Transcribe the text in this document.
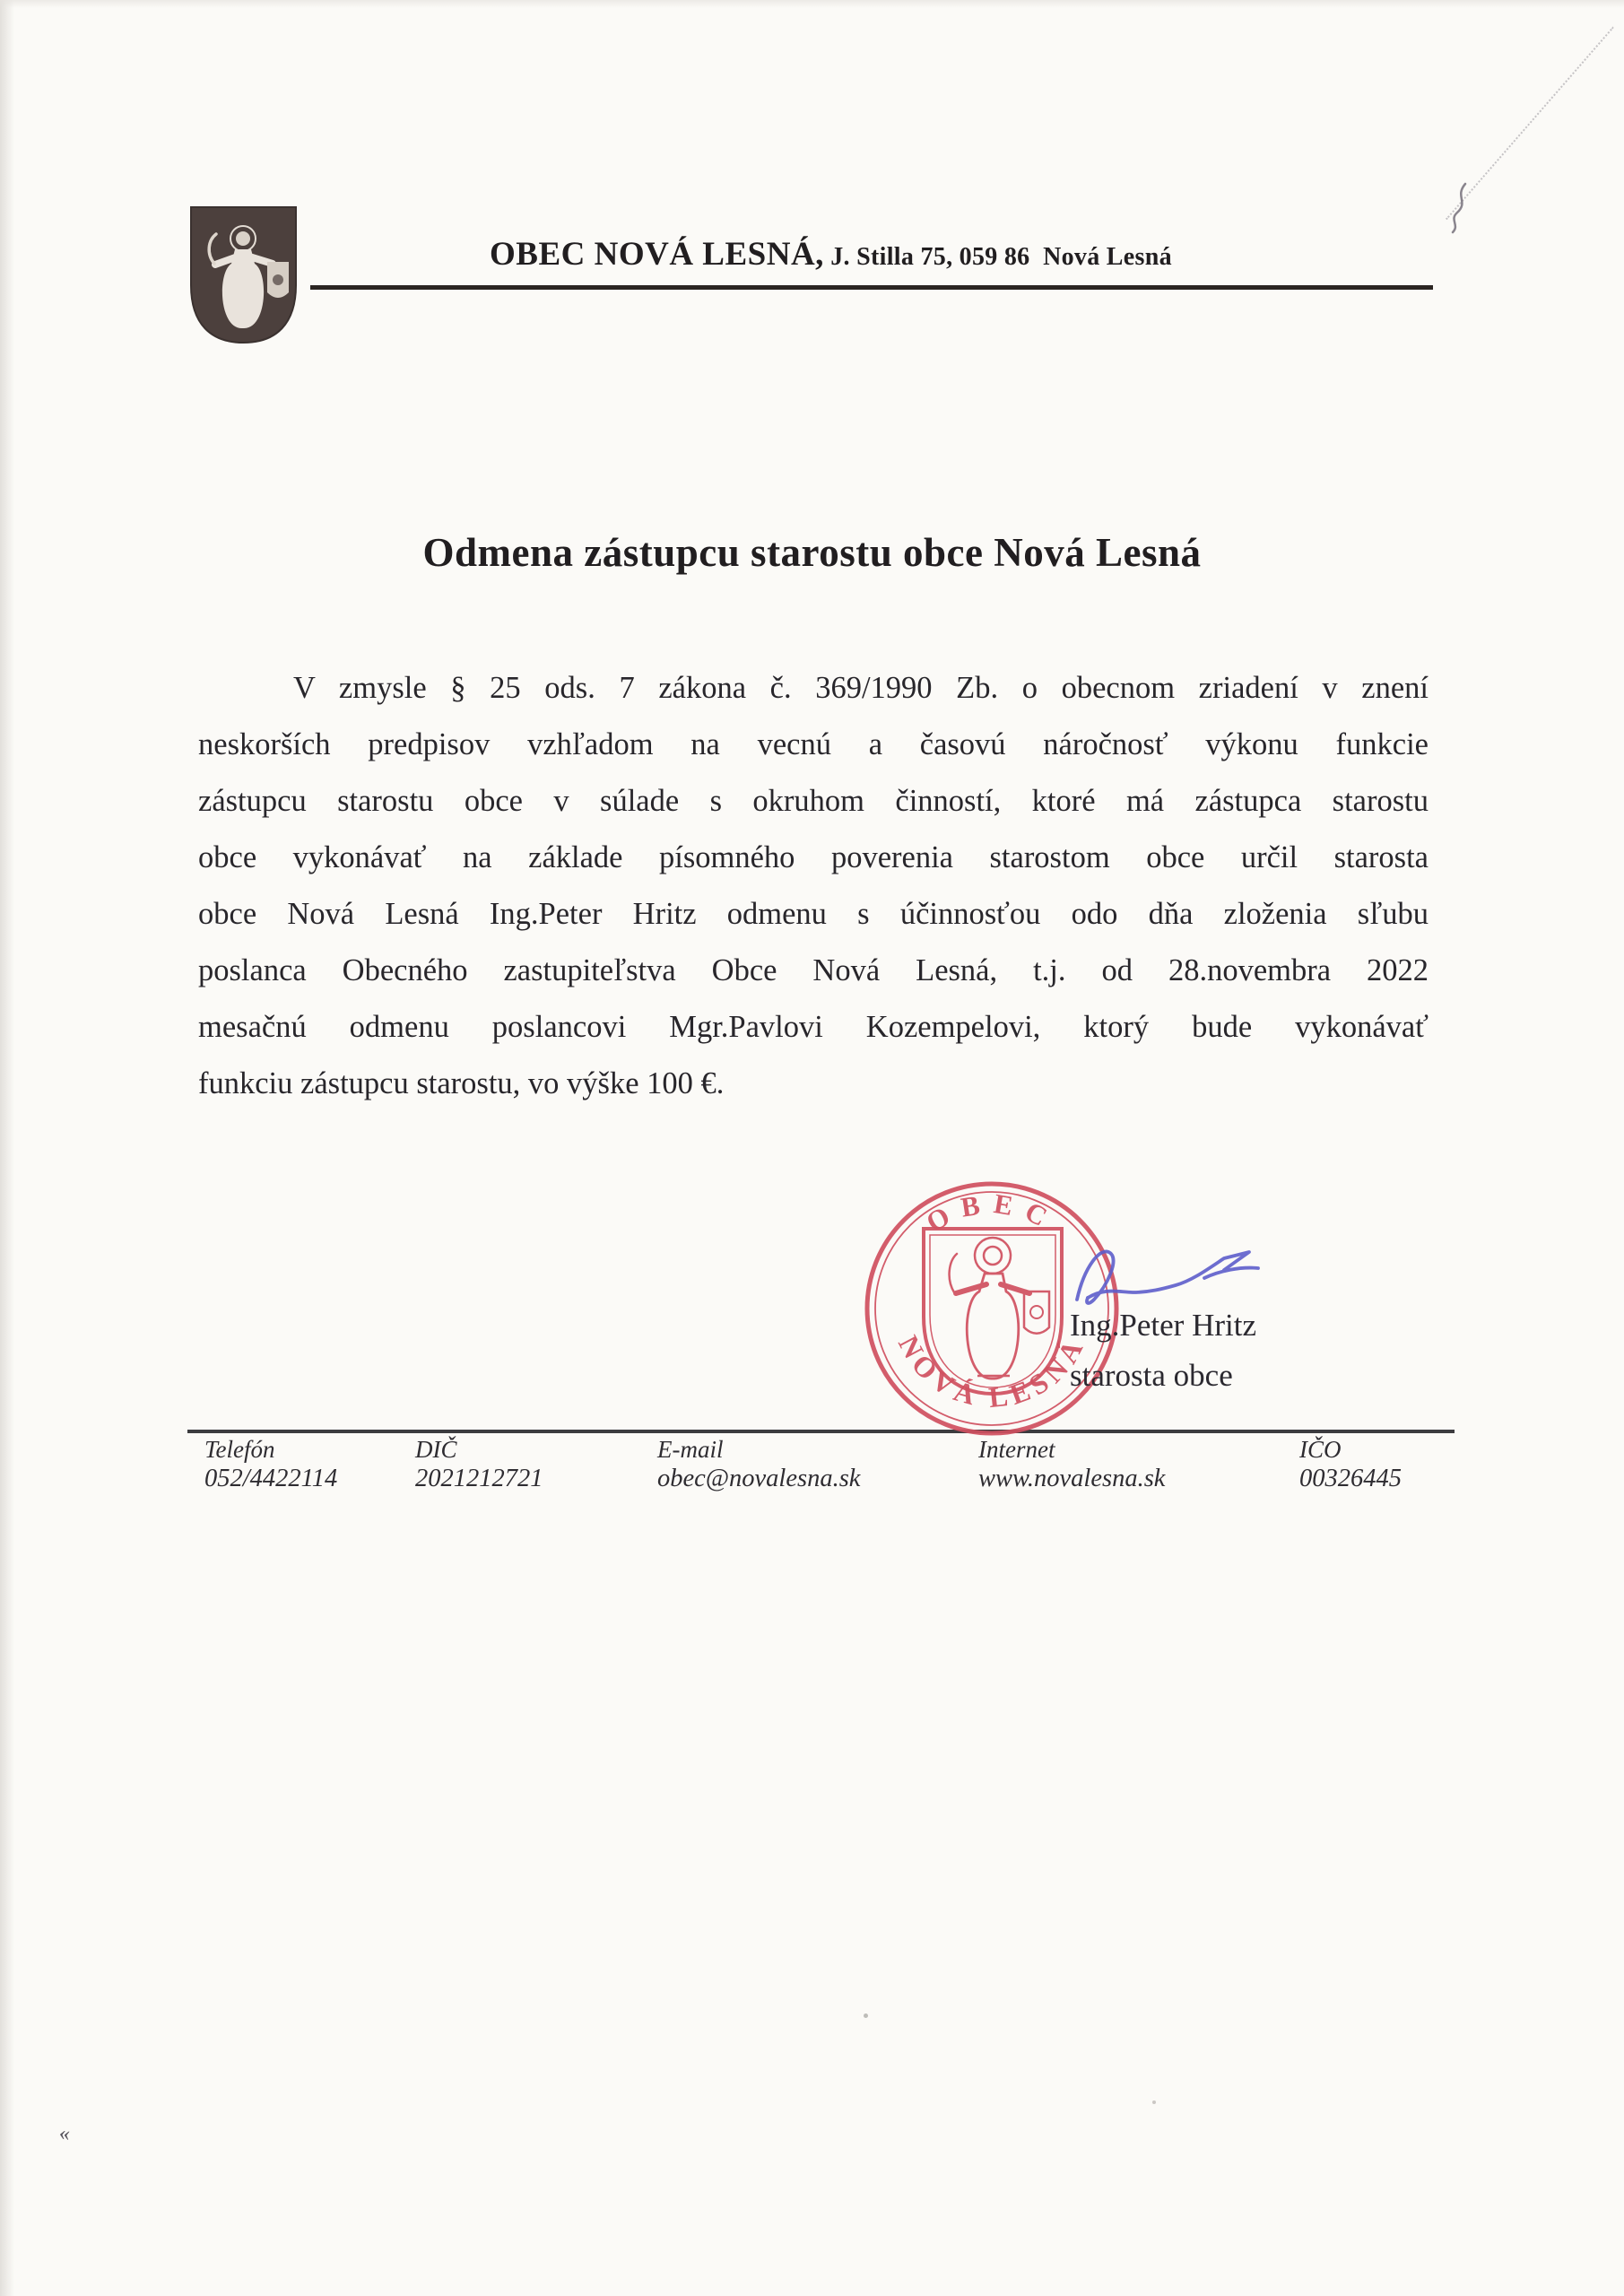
«
OBEC NOVÁ LESNÁ, J. Stilla 75, 059 86  Nová Lesná
Odmena zástupcu starostu obce Nová Lesná
V zmysle § 25 ods. 7 zákona č. 369/1990 Zb. o obecnom zriadení v znení
neskorších predpisov vzhľadom na vecnú a časovú náročnosť výkonu funkcie
zástupcu starostu obce v súlade s okruhom činností, ktoré má zástupca starostu
obce vykonávať na základe písomného poverenia starostom obce určil starosta
obce Nová Lesná Ing.Peter Hritz odmenu s účinnosťou odo dňa zloženia sľubu
poslanca Obecného zastupiteľstva Obce Nová Lesná, t.j. od 28.novembra 2022
mesačnú odmenu poslancovi Mgr.Pavlovi Kozempelovi, ktorý bude vykonávať
funkciu zástupcu starostu, vo výške 100 €.
OBEC
NOVÁ LESNÁ
Ing.Peter Hritz
starosta obce
Telefón
052/4422114
DIČ
2021212721
E-mail
obec@novalesna.sk
Internet
www.novalesna.sk
IČO
00326445
